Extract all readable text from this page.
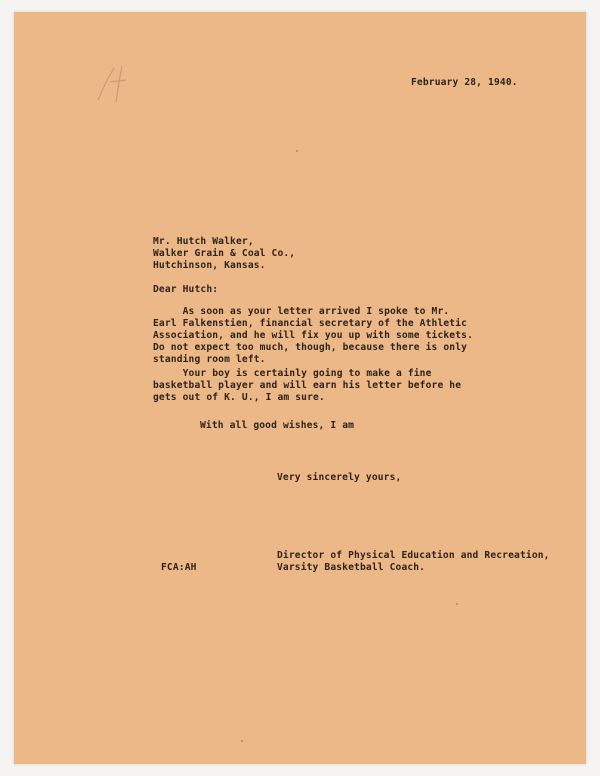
February 28, 1940.

Mr. Hutch Walker,
Walker Grain & Coal Co.,
Hutchinson, Kansas.

Dear Hutch:

As soon as your letter arrived I spoke to Mr.
Earl Falkenstien, financial secretary of the Athletic
Association, and he will fix you up with some tickets.
Do not expect too much, though, because there is only
standing room left.
Your boy is certainly going to make a fine
basketball player and will earn his letter before he
gets out of K. U., I am sure.
With all good wishes, I am

Very sincerely yours,

FCA:AH

Director of Physical Education and Recreation,
Varsity Basketball Coach.
